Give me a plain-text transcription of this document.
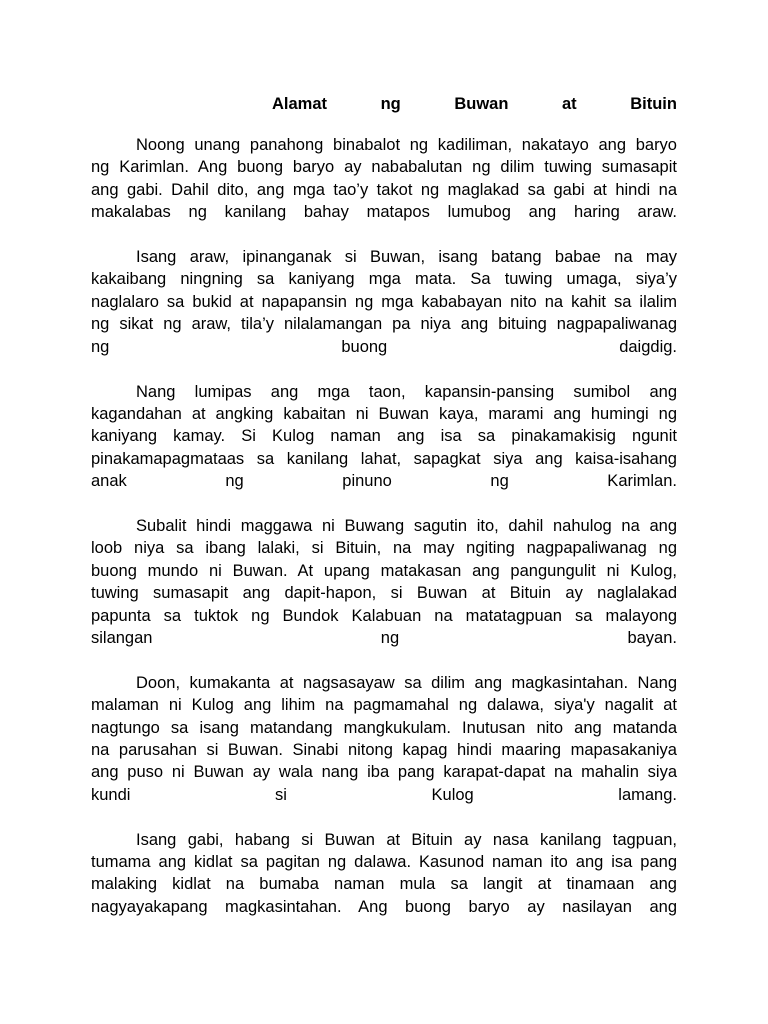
Alamat	ng	Buwan	at	Bituin
Noong unang panahong binabalot ng kadiliman, nakatayo ang baryo
ng Karimlan. Ang buong baryo ay nababalutan ng dilim tuwing sumasapit
ang gabi. Dahil dito, ang mga tao’y takot ng maglakad sa gabi at hindi na
makalabas ng kanilang bahay matapos lumubog ang haring araw.
Isang araw, ipinanganak si Buwan, isang batang babae na may
kakaibang ningning sa kaniyang mga mata. Sa tuwing umaga, siya’y
naglalaro sa bukid at napapansin ng mga kababayan nito na kahit sa ilalim
ng sikat ng araw, tila’y nilalamangan pa niya ang bituing nagpapaliwanag
ng buong daigdig.
Nang lumipas ang mga taon, kapansin-pansing sumibol ang
kagandahan at angking kabaitan ni Buwan kaya, marami ang humingi ng
kaniyang kamay. Si Kulog naman ang isa sa pinakamakisig ngunit
pinakamapagmataas sa kanilang lahat, sapagkat siya ang kaisa-isahang
anak ng pinuno ng Karimlan.
Subalit hindi maggawa ni Buwang sagutin ito, dahil nahulog na ang
loob niya sa ibang lalaki, si Bituin, na may ngiting nagpapaliwanag ng
buong mundo ni Buwan. At upang matakasan ang pangungulit ni Kulog,
tuwing sumasapit ang dapit-hapon, si Buwan at Bituin ay naglalakad
papunta sa tuktok ng Bundok Kalabuan na matatagpuan sa malayong
silangan ng bayan.
Doon, kumakanta at nagsasayaw sa dilim ang magkasintahan. Nang
malaman ni Kulog ang lihim na pagmamahal ng dalawa, siya'y nagalit at
nagtungo sa isang matandang mangkukulam. Inutusan nito ang matanda
na parusahan si Buwan. Sinabi nitong kapag hindi maaring mapasakaniya
ang puso ni Buwan ay wala nang iba pang karapat-dapat na mahalin siya
kundi si Kulog lamang.
Isang gabi, habang si Buwan at Bituin ay nasa kanilang tagpuan,
tumama ang kidlat sa pagitan ng dalawa. Kasunod naman ito ang isa pang
malaking kidlat na bumaba naman mula sa langit at tinamaan ang
nagyayakapang magkasintahan. Ang buong baryo ay nasilayan ang
